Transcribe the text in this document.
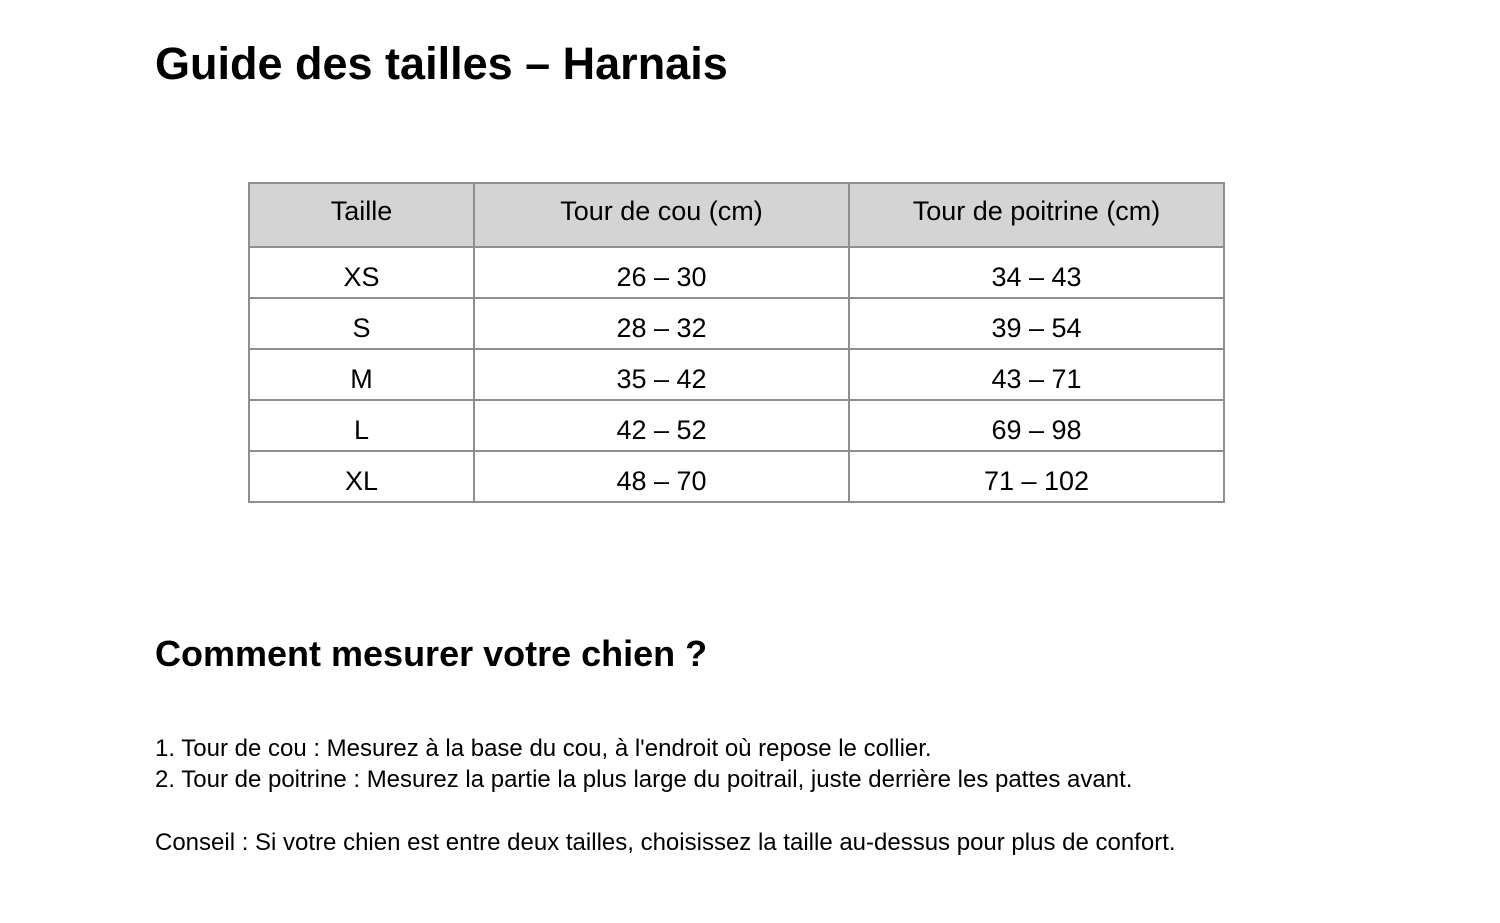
Guide des tailles – Harnais
Taille	Tour de cou (cm)	Tour de poitrine (cm)
XS	26 – 30	34 – 43
S	28 – 32	39 – 54
M	35 – 42	43 – 71
L	42 – 52	69 – 98
XL	48 – 70	71 – 102
Comment mesurer votre chien ?
1. Tour de cou : Mesurez à la base du cou, à l'endroit où repose le collier.
2. Tour de poitrine : Mesurez la partie la plus large du poitrail, juste derrière les pattes avant.

Conseil : Si votre chien est entre deux tailles, choisissez la taille au-dessus pour plus de confort.
